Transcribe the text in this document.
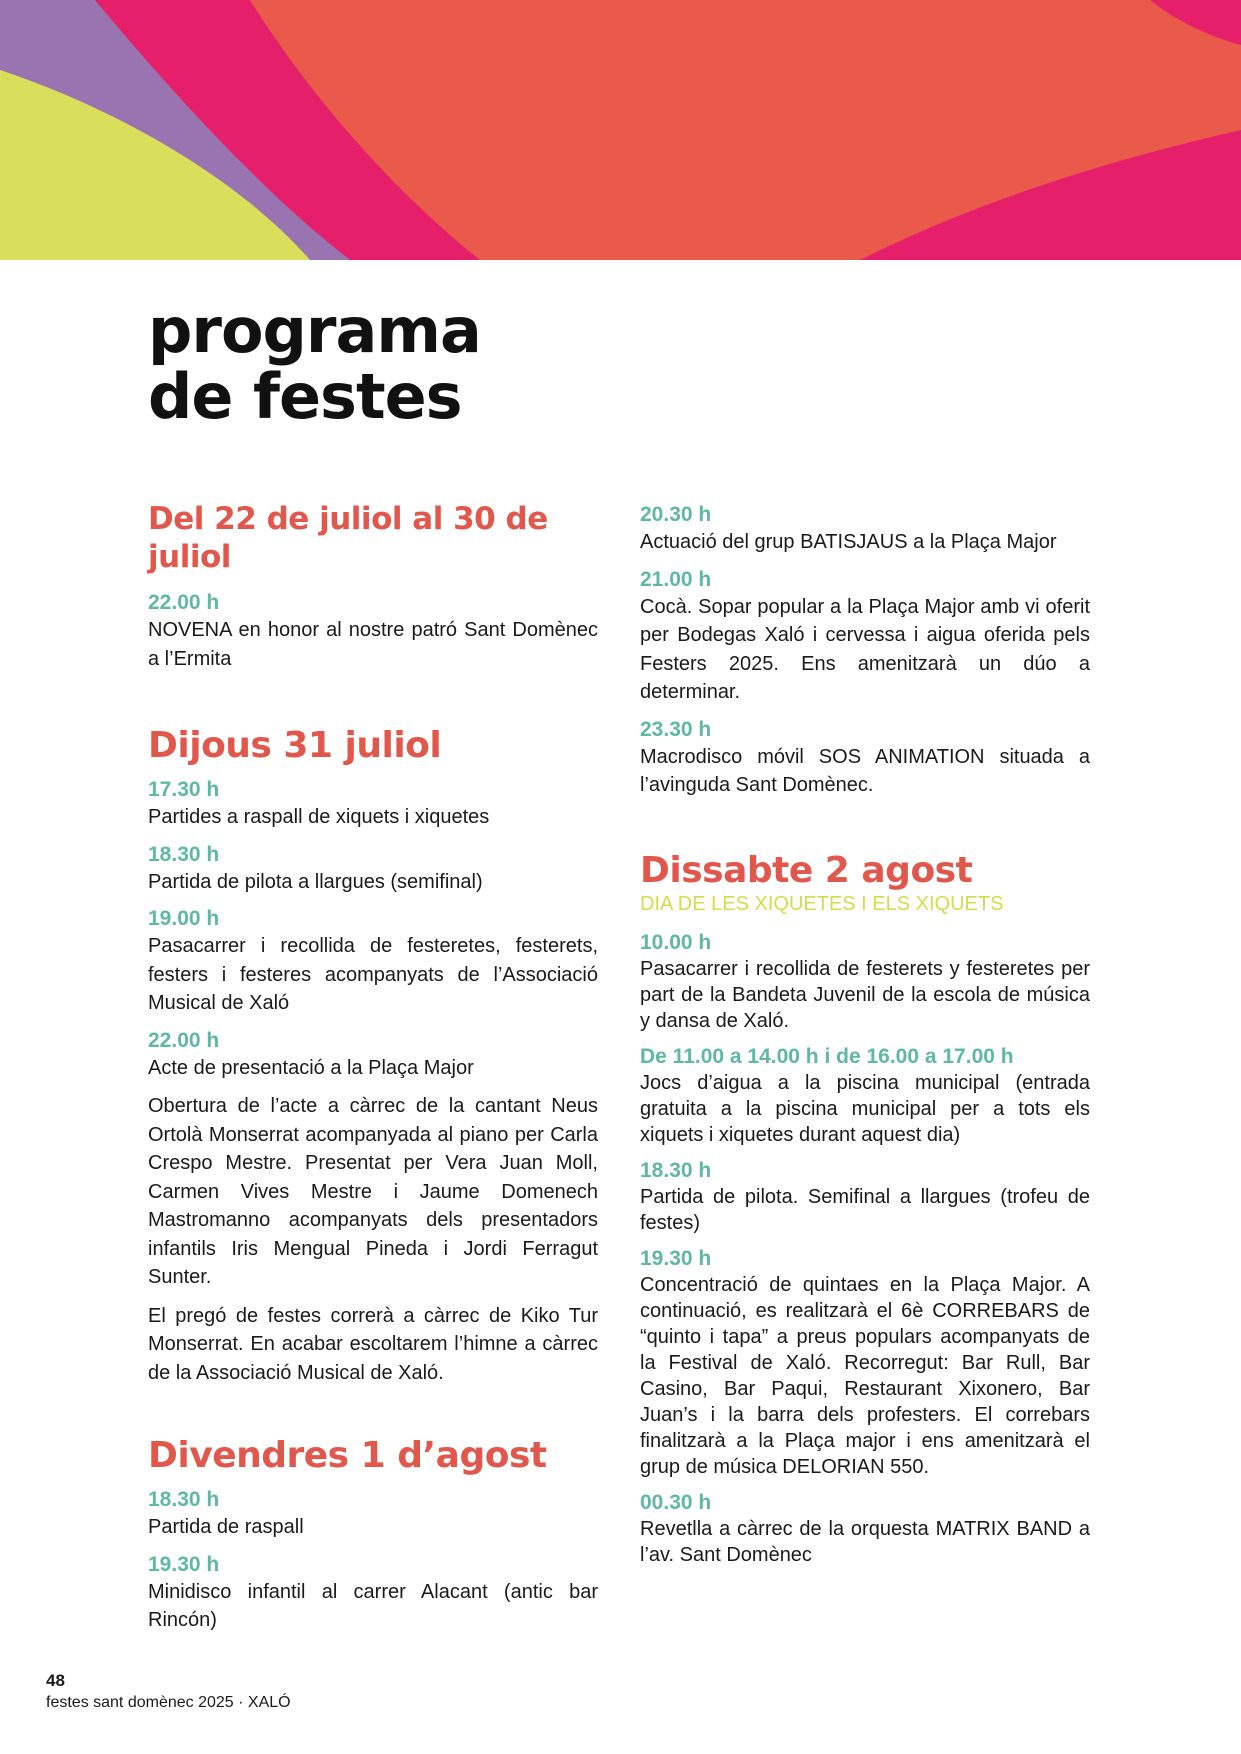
programa
de festes
Del 22 de juliol al 30 de juliol

22.00 h

NOVENA en honor al nostre patró Sant Domènec a l’Ermita

Dijous 31 juliol

17.30 h

Partides a raspall de xiquets i xiquetes

18.30 h

Partida de pilota a llargues (semifinal)

19.00 h

Pasacarrer i recollida de festeretes, festerets, festers i festeres acompanyats de l’Associació Musical de Xaló

22.00 h

Acte de presentació a la Plaça Major

Obertura de l’acte a càrrec de la cantant Neus Ortolà Monserrat acompanyada al piano per Carla Crespo Mestre. Presentat per Vera Juan Moll, Carmen Vives Mestre i Jaume Domenech Mastromanno acompanyats dels presentadors infantils Iris Mengual Pineda i Jordi Ferragut Sunter.

El pregó de festes correrà a càrrec de Kiko Tur Monserrat. En acabar escoltarem l’himne a càrrec de la Associació Musical de Xaló.

Divendres 1 d’agost

18.30 h

Partida de raspall

19.30 h

Minidisco infantil al carrer Alacant (antic bar Rincón)

20.30 h

Actuació del grup BATISJAUS a la Plaça Major

21.00 h

Cocà. Sopar popular a la Plaça Major amb vi oferit per Bodegas Xaló i cervessa i aigua oferida pels Festers 2025. Ens amenitzarà un dúo a determinar.

23.30 h

Macrodisco móvil SOS ANIMATION situada a l’avinguda Sant Domènec.

Dissabte 2 agost

DIA DE LES XIQUETES I ELS XIQUETS

10.00 h

Pasacarrer i recollida de festerets y festeretes per part de la Bandeta Juvenil de la escola de música y dansa de Xaló.

De 11.00 a 14.00 h i de 16.00 a 17.00 h

Jocs d’aigua a la piscina municipal (entrada gratuita a la piscina municipal per a tots els xiquets i xiquetes durant aquest dia)

18.30 h

Partida de pilota. Semifinal a llargues (trofeu de festes)

19.30 h

Concentració de quintaes en la Plaça Major. A continuació, es realitzarà el 6è CORREBARS de “quinto i tapa” a preus populars acompanyats de la Festival de Xaló. Recorregut: Bar Rull, Bar Casino, Bar Paqui, Restaurant Xixonero, Bar Juan’s i la barra dels profesters. El correbars finalitzarà a la Plaça major i ens amenitzarà el grup de música DELORIAN 550.

00.30 h

Revetlla a càrrec de la orquesta MATRIX BAND a l’av. Sant Domènec

48
festes sant domènec 2025 · XALÓ
